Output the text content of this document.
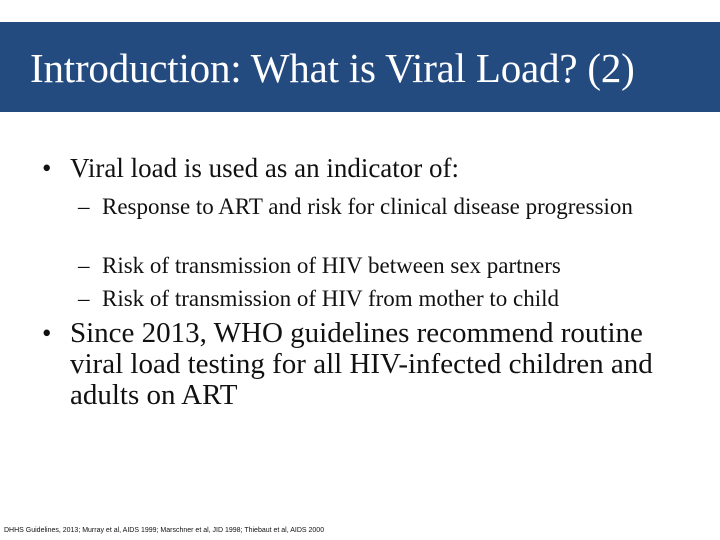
Introduction: What is Viral Load? (2)
• Viral load is used as an indicator of:
– Response to ART and risk for clinical disease progression
– Risk of transmission of HIV between sex partners
– Risk of transmission of HIV from mother to child
• Since 2013, WHO guidelines recommend routine viral load testing for all HIV-infected children and adults on ART
DHHS Guidelines, 2013; Murray et al, AIDS 1999; Marschner et al, JID 1998; Thiebaut et al, AIDS 2000
